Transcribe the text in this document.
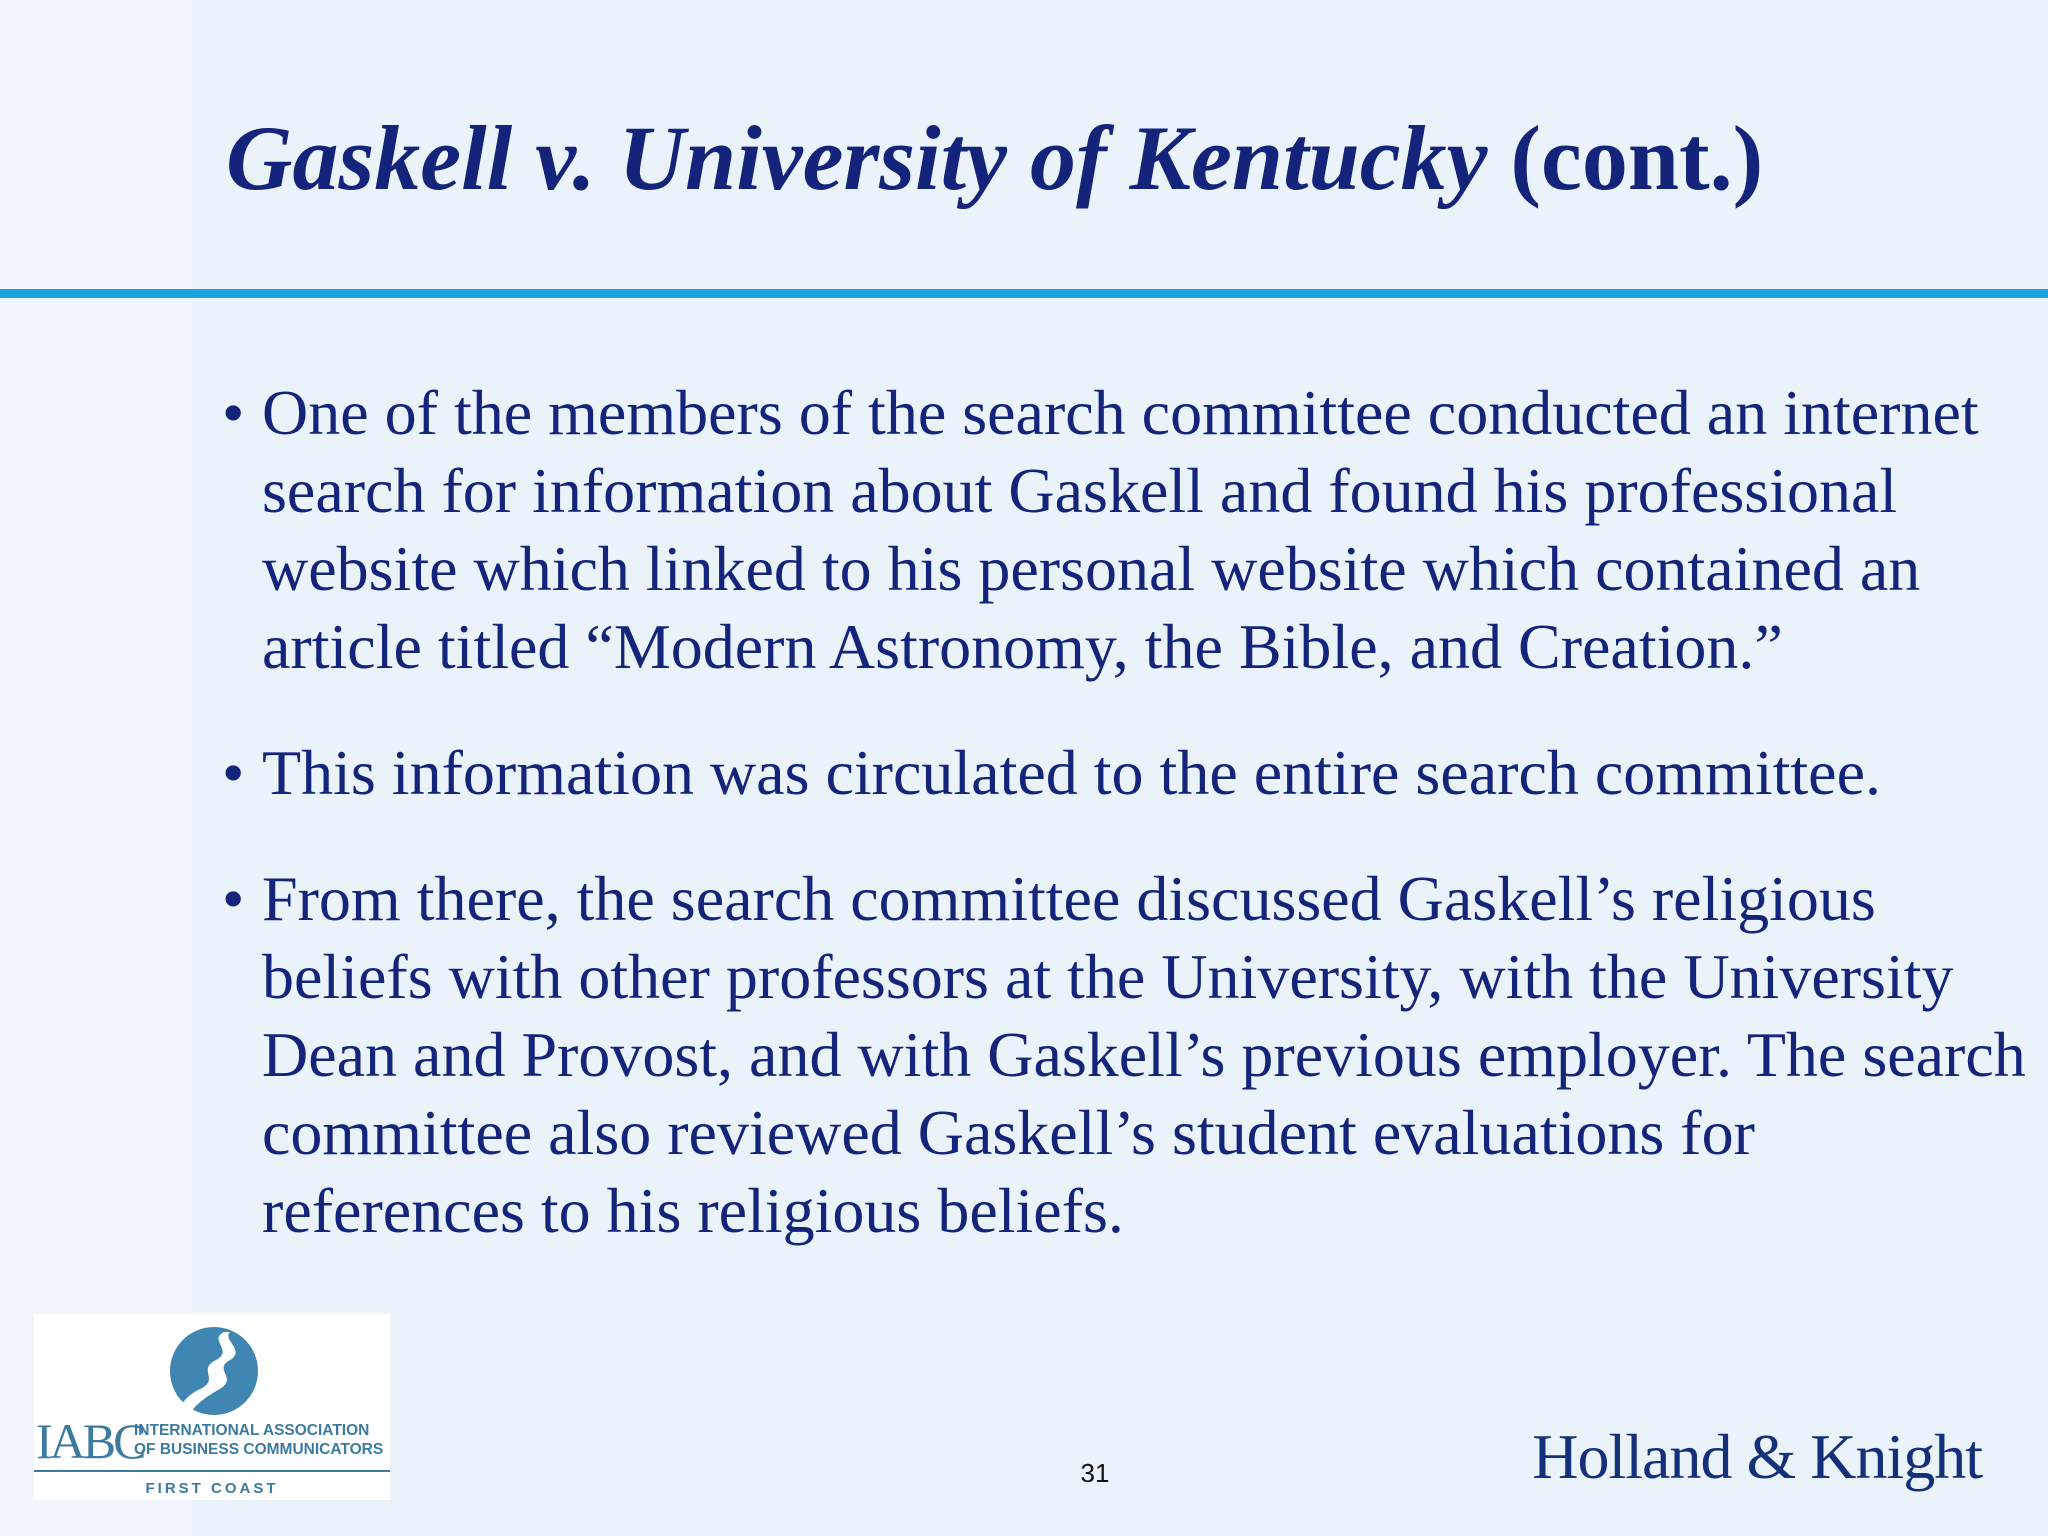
Gaskell v. University of Kentucky (cont.)
• One of the members of the search committee conducted an internet search for information about Gaskell and found his professional website which linked to his personal website which contained an article titled “Modern Astronomy, the Bible, and Creation.”
• This information was circulated to the entire search committee.
• From there, the search committee discussed Gaskell’s religious beliefs with other professors at the University, with the University Dean and Provost, and with Gaskell’s previous employer. The search committee also reviewed Gaskell’s student evaluations for references to his religious beliefs.
31
IABC
INTERNATIONAL ASSOCIATION
OF BUSINESS COMMUNICATORS
FIRST COAST	Holland & Knight
